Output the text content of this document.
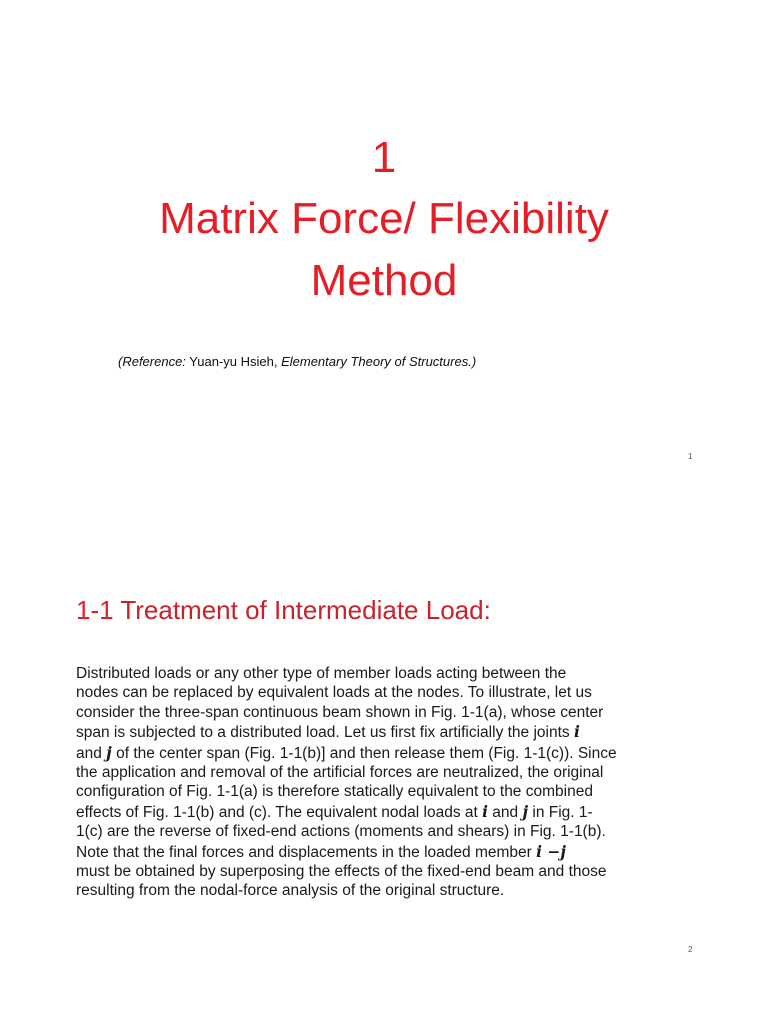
1
Matrix Force/ Flexibility
Method
(Reference: Yuan-yu Hsieh, Elementary Theory of Structures.)
1
1-1 Treatment of Intermediate Load:
Distributed loads or any other type of member loads acting between the
nodes can be replaced by equivalent loads at the nodes. To illustrate, let us
consider the three-span continuous beam shown in Fig. 1-1(a), whose center
span is subjected to a distributed load. Let us first fix artificially the joints i
and j of the center span (Fig. 1-1(b)] and then release them (Fig. 1-1(c)). Since
the application and removal of the artificial forces are neutralized, the original
configuration of Fig. 1-1(a) is therefore statically equivalent to the combined
effects of Fig. 1-1(b) and (c). The equivalent nodal loads at i and j in Fig. 1-
1(c) are the reverse of fixed-end actions (moments and shears) in Fig. 1-1(b).
Note that the final forces and displacements in the loaded member i −j
must be obtained by superposing the effects of the fixed-end beam and those
resulting from the nodal-force analysis of the original structure.
2
